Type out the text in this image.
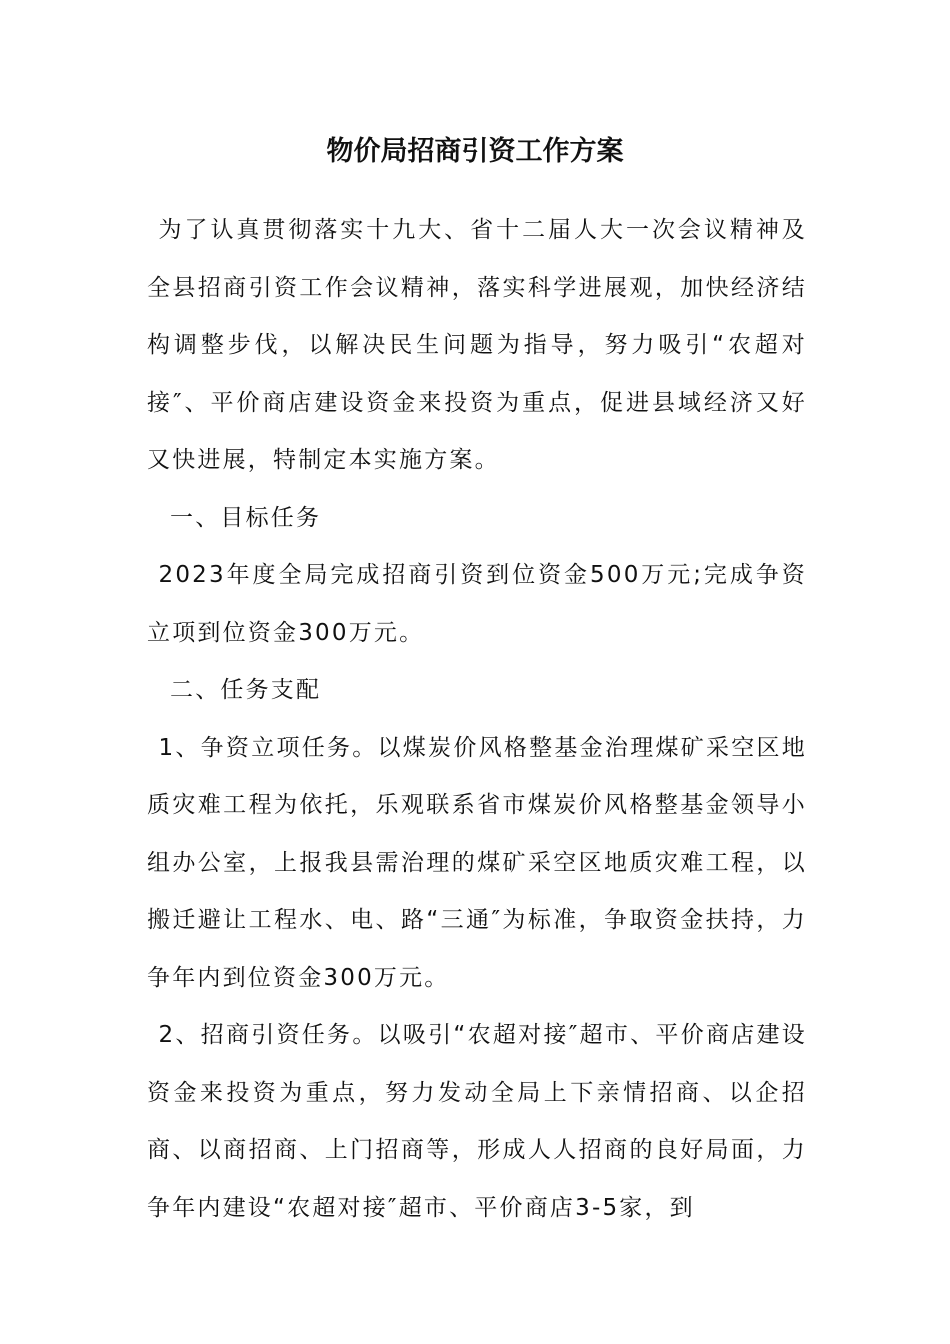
物价局招商引资工作方案

为了认真贯彻落实十九大、省十二届人大一次会议精神及全县招商引资工作会议精神，落实科学进展观，加快经济结构调整步伐，以解决民生问题为指导，努力吸引“农超对接″、平价商店建设资金来投资为重点，促进县域经济又好又快进展，特制定本实施方案。

一、目标任务

2023年度全局完成招商引资到位资金500万元;完成争资立项到位资金300万元。

二、任务支配

1、争资立项任务。以煤炭价风格整基金治理煤矿采空区地质灾难工程为依托，乐观联系省市煤炭价风格整基金领导小组办公室，上报我县需治理的煤矿采空区地质灾难工程，以搬迁避让工程水、电、路“三通″为标准，争取资金扶持，力争年内到位资金300万元。

2、招商引资任务。以吸引“农超对接″超市、平价商店建设资金来投资为重点，努力发动全局上下亲情招商、以企招商、以商招商、上门招商等，形成人人招商的良好局面，力争年内建设“农超对接″超市、平价商店3-5家，到
